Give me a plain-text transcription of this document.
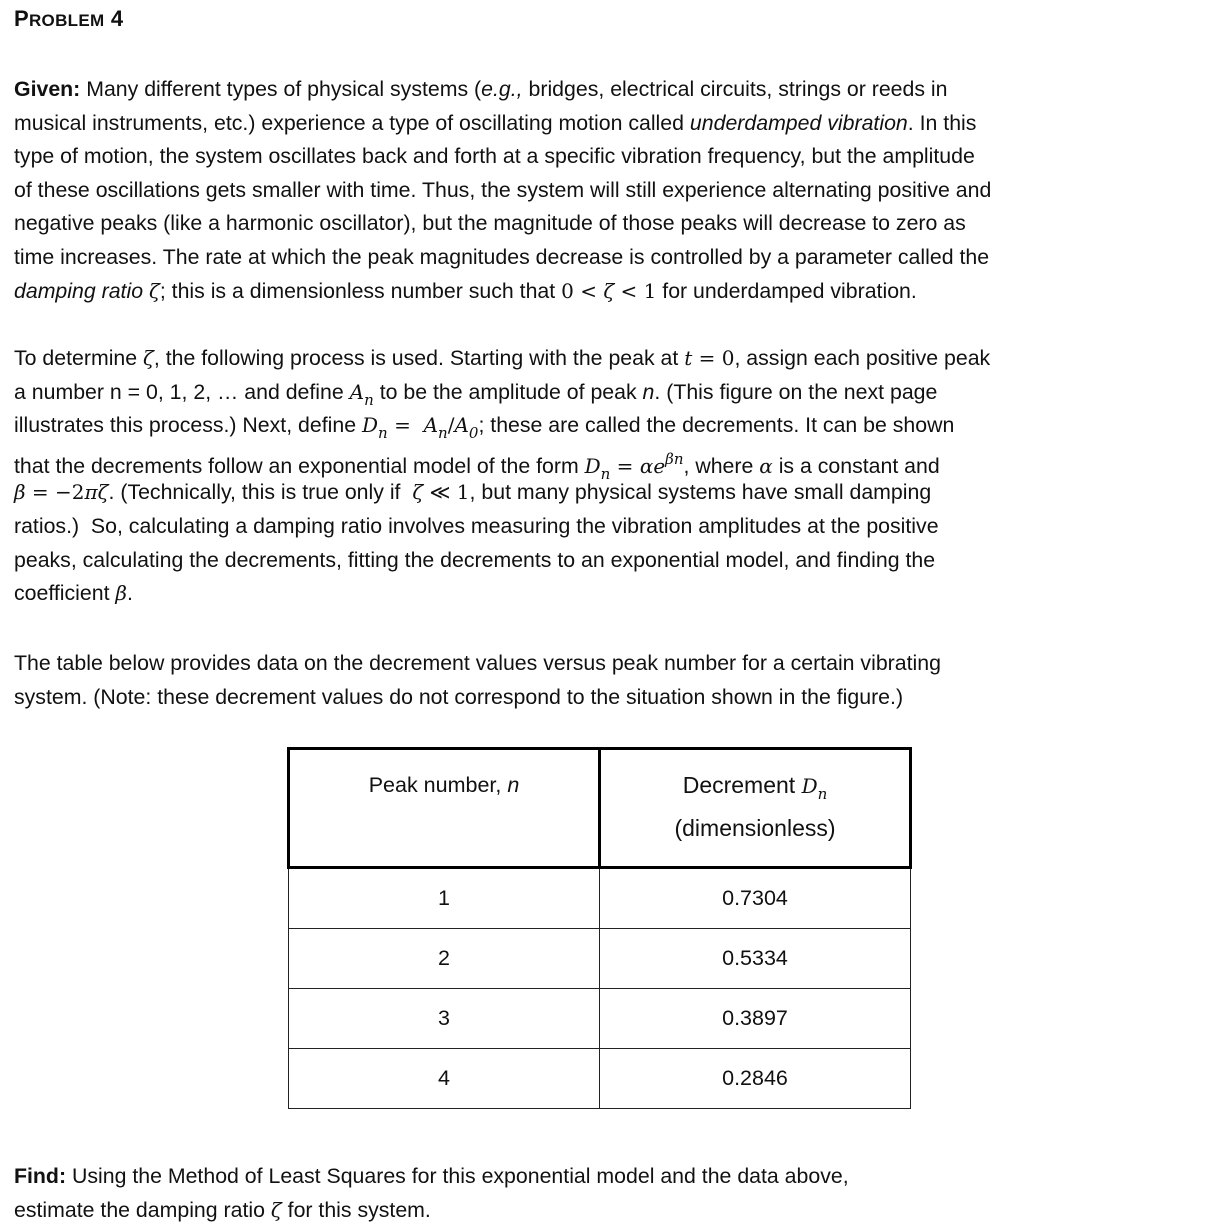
PROBLEM 4
Given: Many different types of physical systems (e.g., bridges, electrical circuits, strings or reeds in
musical instruments, etc.) experience a type of oscillating motion called underdamped vibration. In this
type of motion, the system oscillates back and forth at a specific vibration frequency, but the amplitude
of these oscillations gets smaller with time. Thus, the system will still experience alternating positive and
negative peaks (like a harmonic oscillator), but the magnitude of those peaks will decrease to zero as
time increases. The rate at which the peak magnitudes decrease is controlled by a parameter called the
damping ratio ζ; this is a dimensionless number such that 0 < ζ < 1 for underdamped vibration.
To determine ζ, the following process is used. Starting with the peak at t = 0, assign each positive peak
a number n = 0, 1, 2, … and define $A_n$ to be the amplitude of peak n. (This figure on the next page
illustrates this process.) Next, define $D_n = A_n/A_0$; these are called the decrements. It can be shown
that the decrements follow an exponential model of the form $D_n = \alpha e^{\beta n}$, where α is a constant and
β = −2πζ. (Technically, this is true only if  ζ ≪ 1, but many physical systems have small damping
ratios.)  So, calculating a damping ratio involves measuring the vibration amplitudes at the positive
peaks, calculating the decrements, fitting the decrements to an exponential model, and finding the
coefficient β.
The table below provides data on the decrement values versus peak number for a certain vibrating
system. (Note: these decrement values do not correspond to the situation shown in the figure.)
Peak number, n	Decrement $D_n$
(dimensionless)
1	0.7304
2	0.5334
3	0.3897
4	0.2846
Find: Using the Method of Least Squares for this exponential model and the data above,
estimate the damping ratio ζ for this system.
